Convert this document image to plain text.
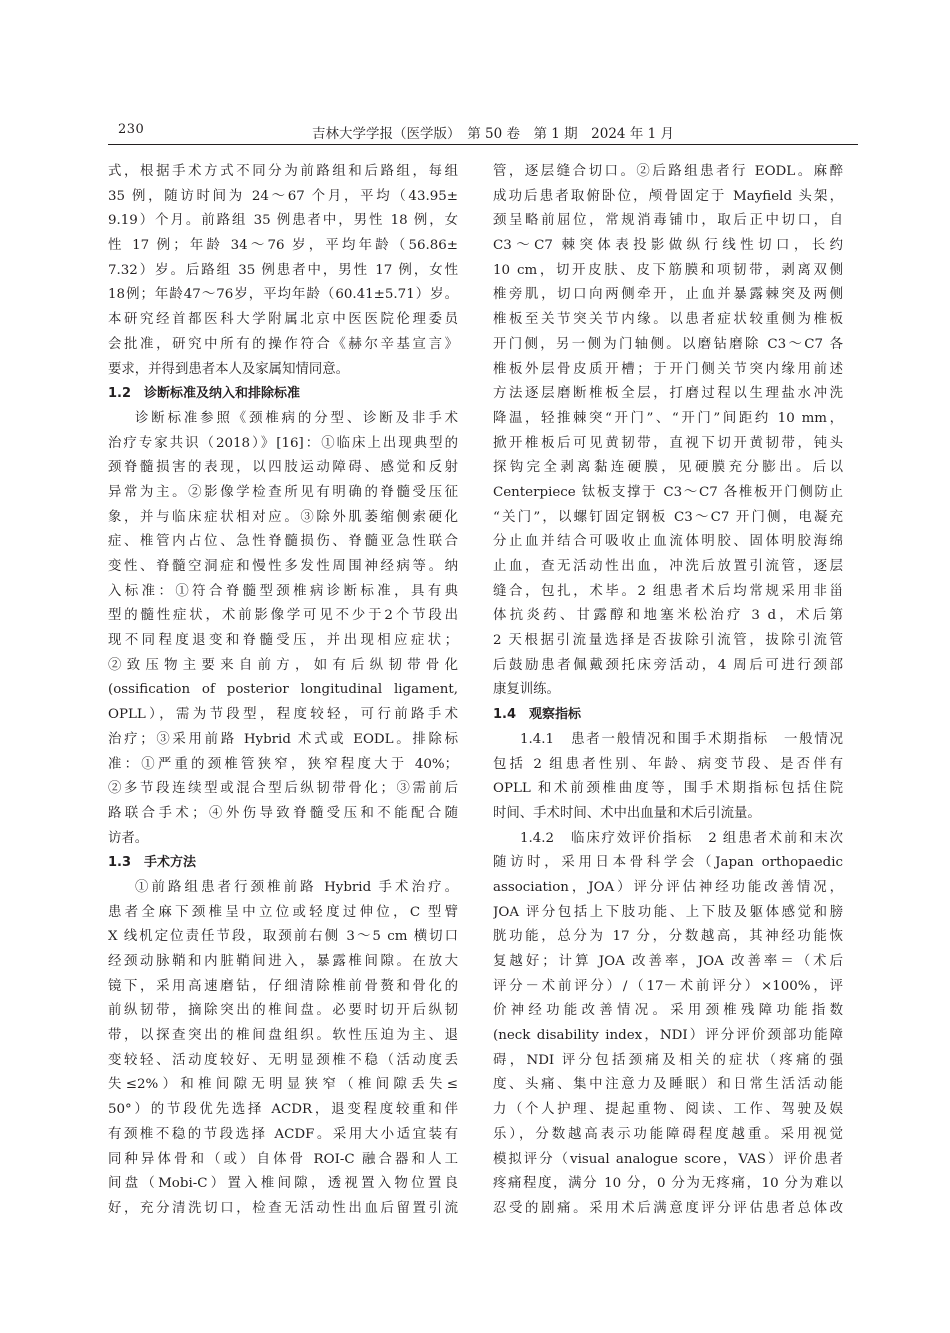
230	吉林大学学报（医学版）　第 50 卷　第 1 期　2024 年 1 月
式，根据手术方式不同分为前路组和后路组，每组
35 例，随访时间为 24～67 个月，平均（43.95±
9.19）个月。前路组 35 例患者中，男性 18 例，女
性 17 例；年龄 34～76 岁，平均年龄（56.86±
7.32）岁。后路组 35 例患者中，男性 17 例，女性
18例；年龄47～76岁，平均年龄（60.41±5.71）岁。
本研究经首都医科大学附属北京中医医院伦理委员
会批准，研究中所有的操作符合《赫尔辛基宣言》
要求，并得到患者本人及家属知情同意。
1.2　诊断标准及纳入和排除标准
诊断标准参照《颈椎病的分型、诊断及非手术
治疗专家共识（2018）》[16]：①临床上出现典型的
颈脊髓损害的表现，以四肢运动障碍、感觉和反射
异常为主。②影像学检查所见有明确的脊髓受压征
象，并与临床症状相对应。③除外肌萎缩侧索硬化
症、椎管内占位、急性脊髓损伤、脊髓亚急性联合
变性、脊髓空洞症和慢性多发性周围神经病等。纳
入标准：①符合脊髓型颈椎病诊断标准，具有典
型的髓性症状，术前影像学可见不少于2个节段出
现不同程度退变和脊髓受压，并出现相应症状；
②致压物主要来自前方，如有后纵韧带骨化
(ossification of posterior longitudinal ligament,
OPLL），需为节段型，程度较轻，可行前路手术
治疗；③采用前路 Hybrid 术式或 EODL。排除标
准：①严重的颈椎管狭窄，狭窄程度大于 40%；
②多节段连续型或混合型后纵韧带骨化；③需前后
路联合手术；④外伤导致脊髓受压和不能配合随
访者。
1.3　手术方法
①前路组患者行颈椎前路 Hybrid 手术治疗。
患者全麻下颈椎呈中立位或轻度过伸位，C 型臂
X 线机定位责任节段，取颈前右侧 3～5 cm 横切口
经颈动脉鞘和内脏鞘间进入，暴露椎间隙。在放大
镜下，采用高速磨钻，仔细清除椎前骨赘和骨化的
前纵韧带，摘除突出的椎间盘。必要时切开后纵韧
带，以探查突出的椎间盘组织。软性压迫为主、退
变较轻、活动度较好、无明显颈椎不稳（活动度丢
失≤2%）和椎间隙无明显狭窄（椎间隙丢失≤
50°）的节段优先选择 ACDR，退变程度较重和伴
有颈椎不稳的节段选择 ACDF。采用大小适宜装有
同种异体骨和（或）自体骨 ROI-C 融合器和人工
间盘（Mobi-C）置入椎间隙，透视置入物位置良
好，充分清洗切口，检查无活动性出血后留置引流
管，逐层缝合切口。②后路组患者行 EODL。麻醉
成功后患者取俯卧位，颅骨固定于 Mayfield 头架，
颈呈略前屈位，常规消毒铺巾，取后正中切口，自
C3～C7 棘突体表投影做纵行线性切口，长约
10 cm，切开皮肤、皮下筋膜和项韧带，剥离双侧
椎旁肌，切口向两侧牵开，止血并暴露棘突及两侧
椎板至关节突关节内缘。以患者症状较重侧为椎板
开门侧，另一侧为门轴侧。以磨钻磨除 C3～C7 各
椎板外层骨皮质开槽；于开门侧关节突内缘用前述
方法逐层磨断椎板全层，打磨过程以生理盐水冲洗
降温，轻推棘突“开门”、“开门”间距约 10 mm，
掀开椎板后可见黄韧带，直视下切开黄韧带，钝头
探钩完全剥离黏连硬膜，见硬膜充分膨出。后以
Centerpiece 钛板支撑于 C3～C7 各椎板开门侧防止
“关门”，以螺钉固定钢板 C3～C7 开门侧，电凝充
分止血并结合可吸收止血流体明胶、固体明胶海绵
止血，查无活动性出血，冲洗后放置引流管，逐层
缝合，包扎，术毕。2 组患者术后均常规采用非甾
体抗炎药、甘露醇和地塞米松治疗 3 d，术后第
2 天根据引流量选择是否拔除引流管，拔除引流管
后鼓励患者佩戴颈托床旁活动，4 周后可进行颈部
康复训练。
1.4　观察指标
1.4.1　患者一般情况和围手术期指标　一般情况
包括 2 组患者性别、年龄、病变节段、是否伴有
OPLL 和术前颈椎曲度等，围手术期指标包括住院
时间、手术时间、术中出血量和术后引流量。
1.4.2　临床疗效评价指标　2 组患者术前和末次
随访时，采用日本骨科学会（Japan orthopaedic
association，JOA）评分评估神经功能改善情况，
JOA 评分包括上下肢功能、上下肢及躯体感觉和膀
胱功能，总分为 17 分，分数越高，其神经功能恢
复越好；计算 JOA 改善率，JOA 改善率＝（术后
评分－术前评分）/（17－术前评分）×100%，评
价神经功能改善情况。采用颈椎残障功能指数
(neck disability index，NDI）评分评价颈部功能障
碍，NDI 评分包括颈痛及相关的症状（疼痛的强
度、头痛、集中注意力及睡眠）和日常生活活动能
力（个人护理、提起重物、阅读、工作、驾驶及娱
乐），分数越高表示功能障碍程度越重。采用视觉
模拟评分（visual analogue score，VAS）评价患者
疼痛程度，满分 10 分，0 分为无疼痛，10 分为难以
忍受的剧痛。采用术后满意度评分评估患者总体改
